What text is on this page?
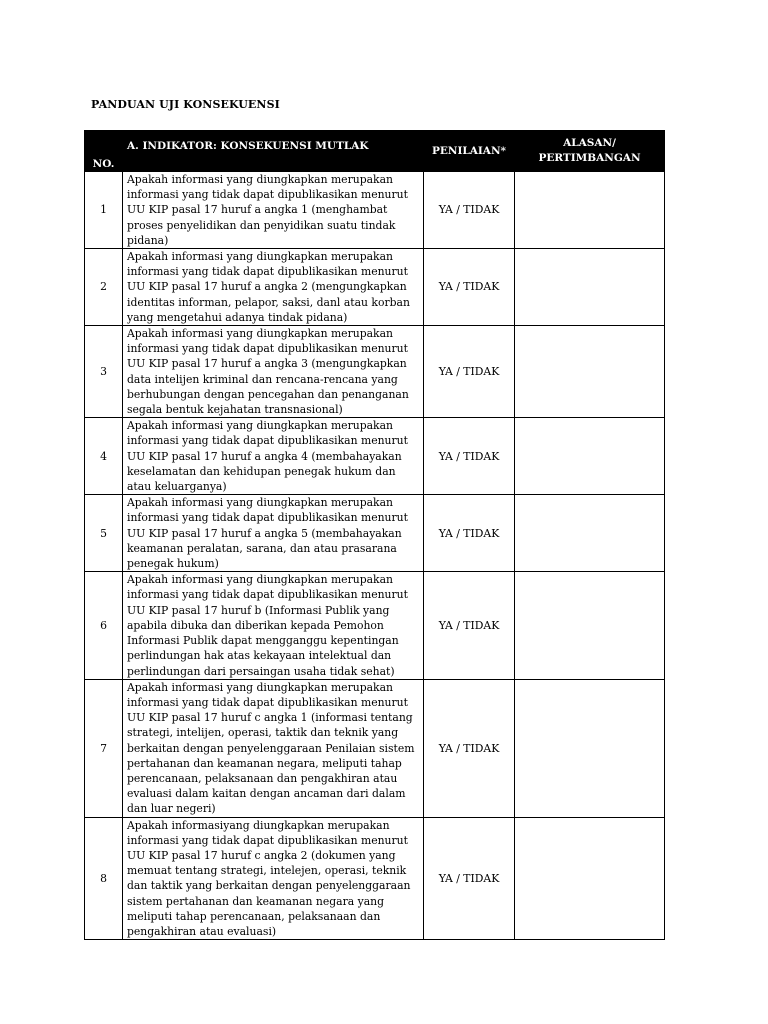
PANDUAN UJI KONSEKUENSI
NO.	A. INDIKATOR: KONSEKUENSI MUTLAK	PENILAIAN*	ALASAN/
PERTIMBANGAN

1	Apakah informasi yang diungkapkan merupakan informasi yang tidak dapat dipublikasikan menurut UU KIP pasal 17 huruf a angka 1 (menghambat proses penyelidikan dan penyidikan suatu tindak pidana)	YA / TIDAK	
2	Apakah informasi yang diungkapkan merupakan informasi yang tidak dapat dipublikasikan menurut UU KIP pasal 17 huruf a angka 2 (mengungkapkan identitas informan, pelapor, saksi, danl atau korban yang mengetahui adanya tindak pidana)	YA / TIDAK	
3	Apakah informasi yang diungkapkan merupakan informasi yang tidak dapat dipublikasikan menurut UU KIP pasal 17 huruf a angka 3 (mengungkapkan data intelijen kriminal dan rencana-rencana yang berhubungan dengan pencegahan dan penanganan segala bentuk kejahatan transnasional)	YA / TIDAK	
4	Apakah informasi yang diungkapkan merupakan informasi yang tidak dapat dipublikasikan menurut UU KIP pasal 17 huruf a angka 4 (membahayakan keselamatan dan kehidupan penegak hukum dan atau keluarganya)	YA / TIDAK	
5	Apakah informasi yang diungkapkan merupakan informasi yang tidak dapat dipublikasikan menurut UU KIP pasal 17 huruf a angka 5 (membahayakan keamanan peralatan, sarana, dan atau prasarana penegak hukum)	YA / TIDAK	
6	Apakah informasi yang diungkapkan merupakan informasi yang tidak dapat dipublikasikan menurut UU KIP pasal 17 huruf b (Informasi Publik yang apabila dibuka dan diberikan kepada Pemohon Informasi Publik dapat mengganggu kepentingan perlindungan hak atas kekayaan intelektual dan perlindungan dari persaingan usaha tidak sehat)	YA / TIDAK	
7	Apakah informasi yang diungkapkan merupakan informasi yang tidak dapat dipublikasikan menurut UU KIP pasal 17 huruf c angka 1 (informasi tentang strategi, intelijen, operasi, taktik dan teknik yang berkaitan dengan penyelenggaraan Penilaian sistem pertahanan dan keamanan negara, meliputi tahap perencanaan, pelaksanaan dan pengakhiran atau evaluasi dalam kaitan dengan ancaman dari dalam dan luar negeri)	YA / TIDAK	
8	Apakah informasiyang diungkapkan merupakan informasi yang tidak dapat dipublikasikan menurut UU KIP pasal 17 huruf c angka 2 (dokumen yang memuat tentang strategi, intelejen, operasi, teknik dan taktik yang berkaitan dengan penyelenggaraan sistem pertahanan dan keamanan negara yang meliputi tahap perencanaan, pelaksanaan dan pengakhiran atau evaluasi)	YA / TIDAK	
